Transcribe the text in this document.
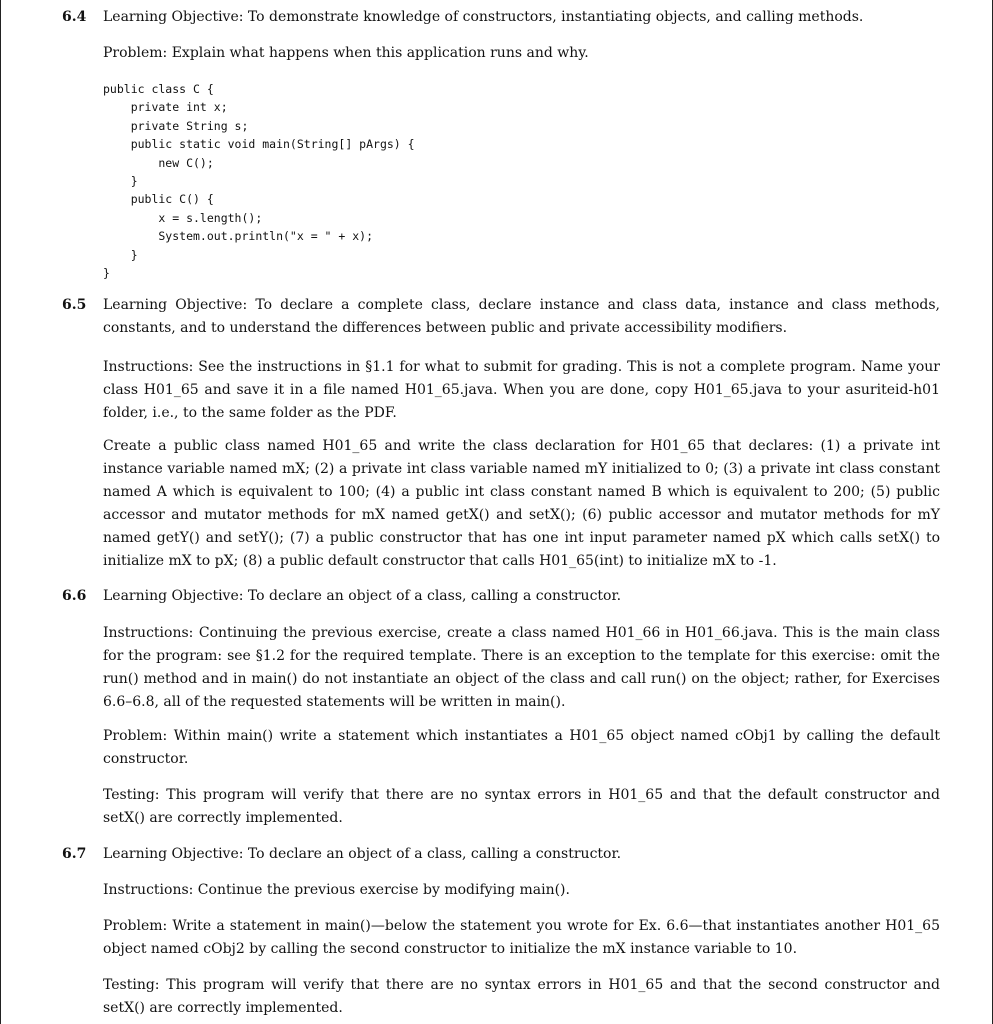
6.4 Learning Objective: To demonstrate knowledge of constructors, instantiating objects, and calling methods.
Problem: Explain what happens when this application runs and why.
public class C {
private int x;
private String s;
public static void main(String[] pArgs) {
new C();
}
public C() {
x = s.length();
System.out.println("x = " + x);
}
}
6.5 Learning Objective: To declare a complete class, declare instance and class data, instance and class methods, constants, and to understand the differences between public and private accessibility modifiers.
Instructions: See the instructions in §1.1 for what to submit for grading. This is not a complete program. Name your class H01_65 and save it in a file named H01_65.java. When you are done, copy H01_65.java to your asuriteid-h01 folder, i.e., to the same folder as the PDF.
Create a public class named H01_65 and write the class declaration for H01_65 that declares: (1) a private int instance variable named mX; (2) a private int class variable named mY initialized to 0; (3) a private int class constant named A which is equivalent to 100; (4) a public int class constant named B which is equivalent to 200; (5) public accessor and mutator methods for mX named getX() and setX(); (6) public accessor and mutator methods for mY named getY() and setY(); (7) a public constructor that has one int input parameter named pX which calls setX() to initialize mX to pX; (8) a public default constructor that calls H01_65(int) to initialize mX to -1.
6.6 Learning Objective: To declare an object of a class, calling a constructor.
Instructions: Continuing the previous exercise, create a class named H01_66 in H01_66.java. This is the main class for the program: see §1.2 for the required template. There is an exception to the template for this exercise: omit the run() method and in main() do not instantiate an object of the class and call run() on the object; rather, for Exercises 6.6–6.8, all of the requested statements will be written in main().
Problem: Within main() write a statement which instantiates a H01_65 object named cObj1 by calling the default constructor.
Testing: This program will verify that there are no syntax errors in H01_65 and that the default constructor and setX() are correctly implemented.
6.7 Learning Objective: To declare an object of a class, calling a constructor.
Instructions: Continue the previous exercise by modifying main().
Problem: Write a statement in main()—below the statement you wrote for Ex. 6.6—that instantiates another H01_65 object named cObj2 by calling the second constructor to initialize the mX instance variable to 10.
Testing: This program will verify that there are no syntax errors in H01_65 and that the second constructor and setX() are correctly implemented.
